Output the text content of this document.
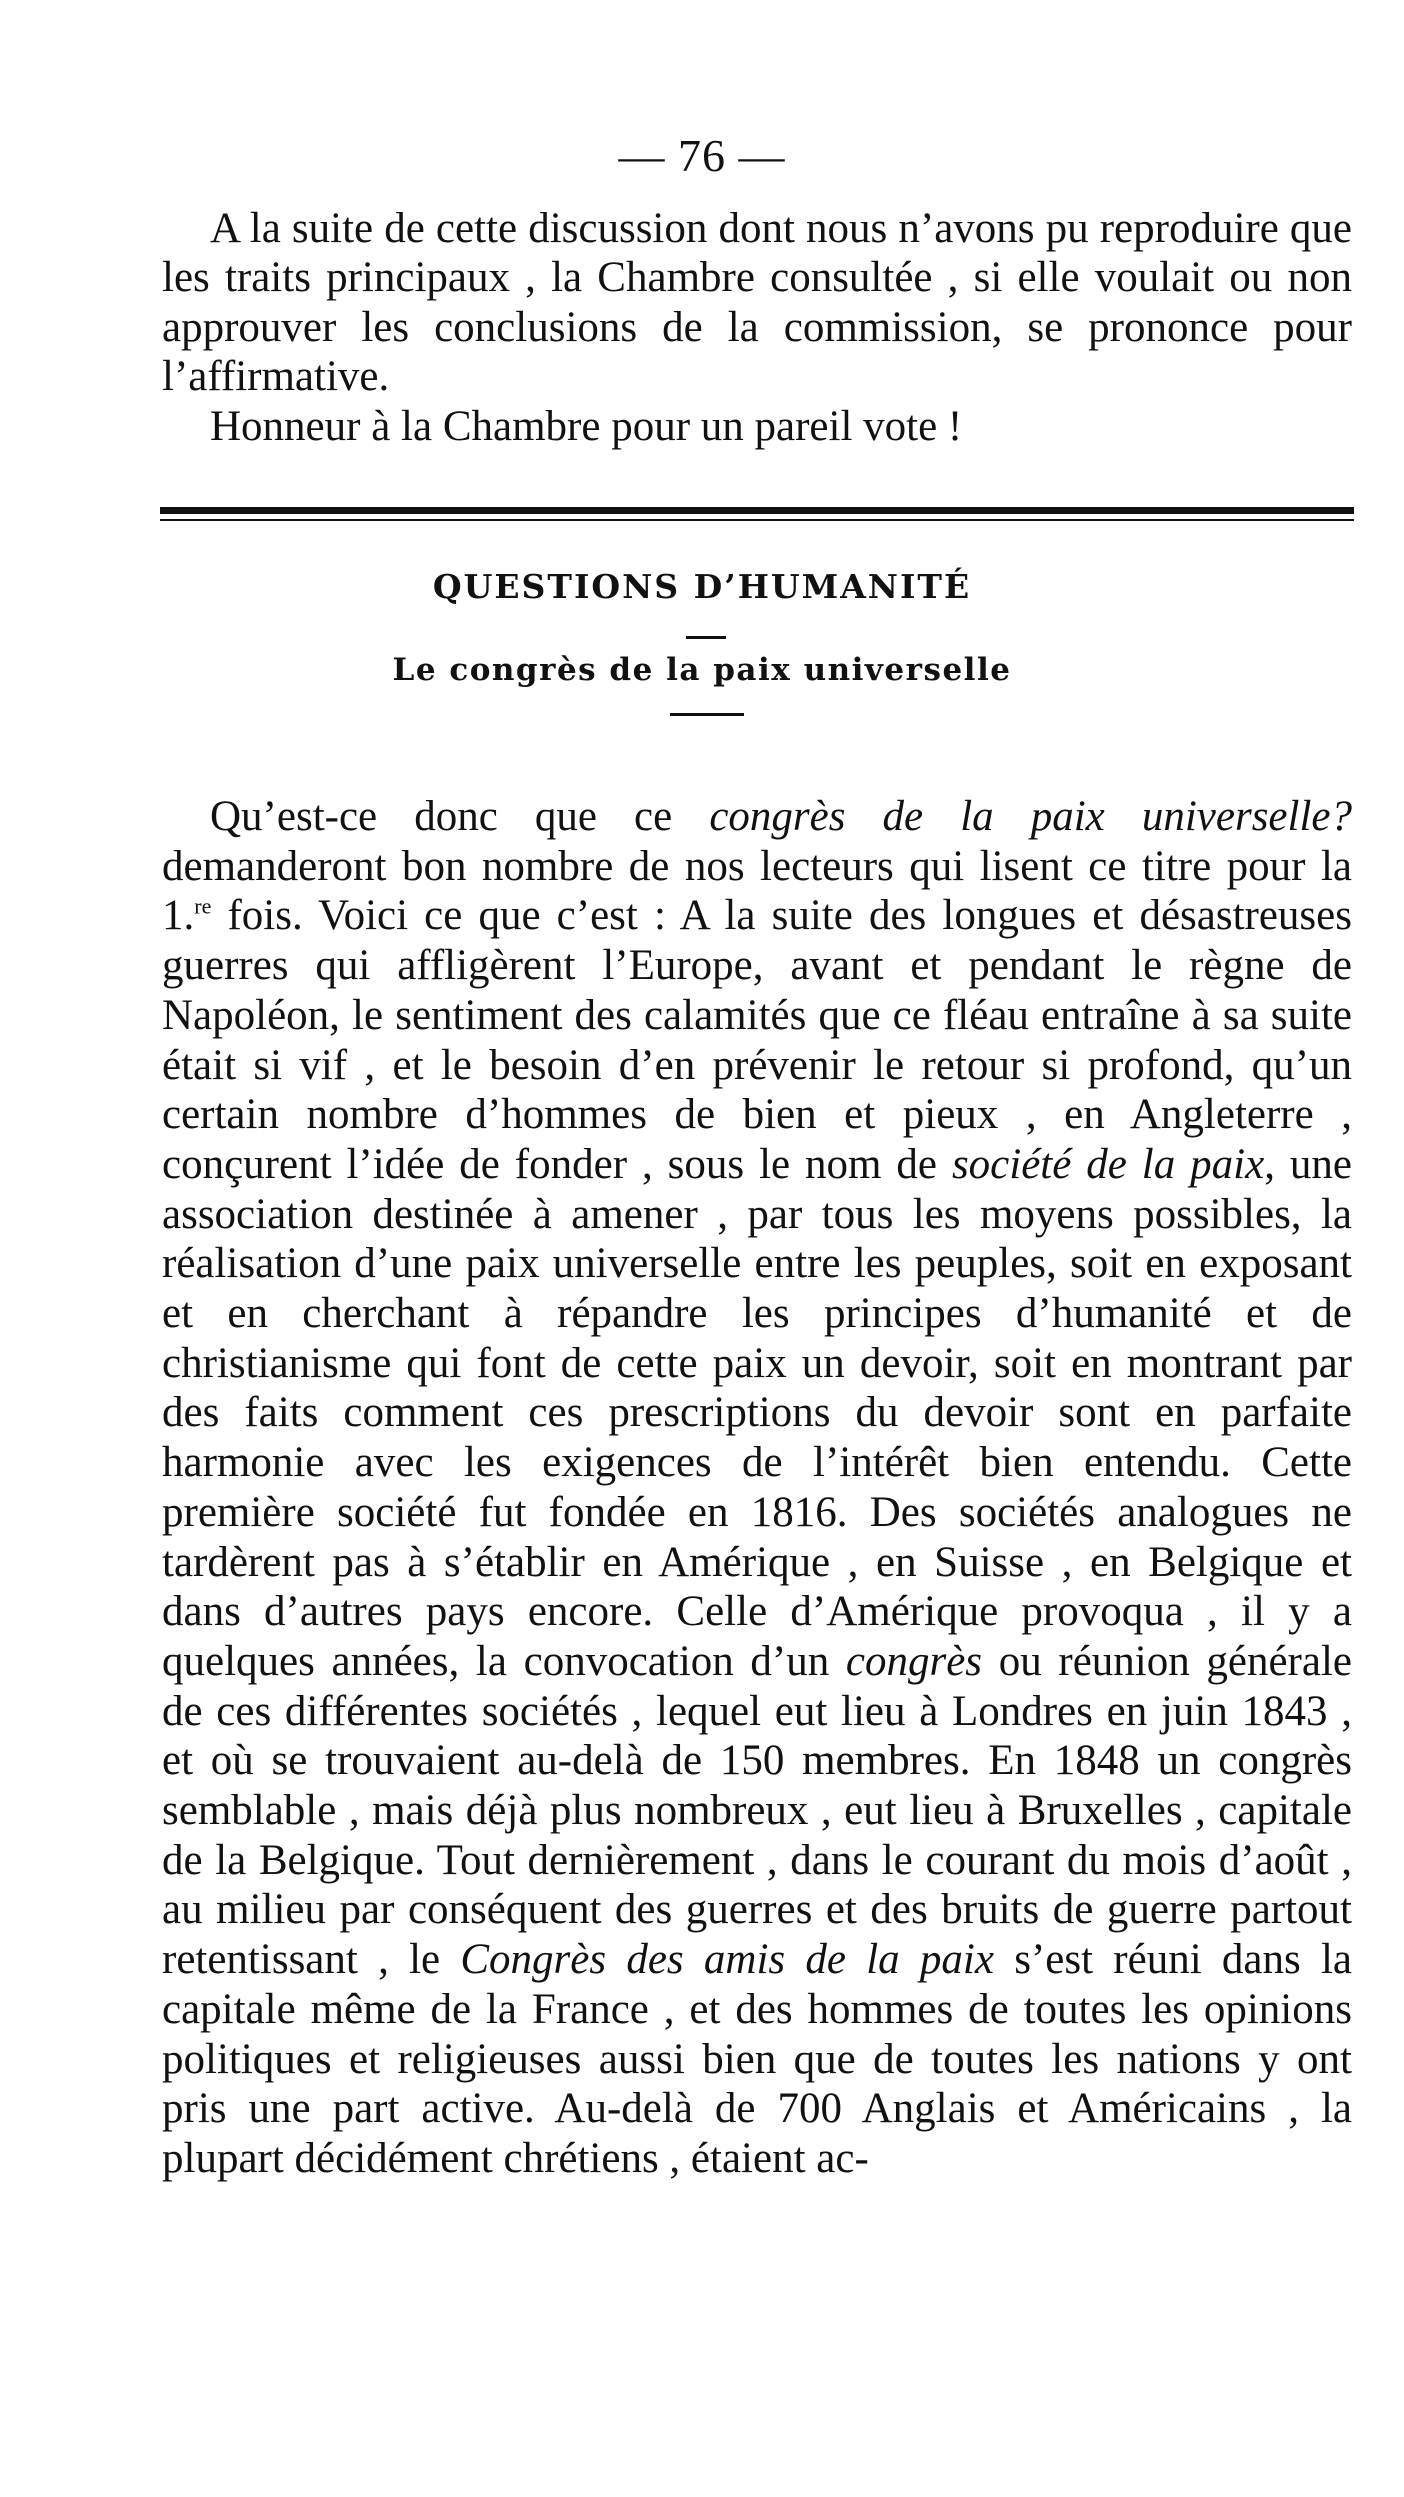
— 76 —

A la suite de cette discussion dont nous n’avons pu reproduire que les traits principaux , la Chambre consultée , si elle voulait ou non approuver les conclusions de la commission, se prononce pour l’affirmative.

Honneur à la Chambre pour un pareil vote !

QUESTIONS D’HUMANITÉ
Le congrès de la paix universelle

Qu’est-ce donc que ce congrès de la paix universelle? demanderont bon nombre de nos lecteurs qui lisent ce titre pour la 1.$^{re}$ fois. Voici ce que c’est : A la suite des longues et désastreuses guerres qui affligèrent l’Europe, avant et pendant le règne de Napoléon, le sentiment des calamités que ce fléau entraîne à sa suite était si vif , et le besoin d’en prévenir le retour si profond, qu’un certain nombre d’hommes de bien et pieux , en Angleterre , conçurent l’idée de fonder , sous le nom de société de la paix, une association destinée à amener , par tous les moyens possibles, la réalisation d’une paix universelle entre les peuples, soit en exposant et en cherchant à répandre les principes d’humanité et de christianisme qui font de cette paix un devoir, soit en montrant par des faits comment ces prescriptions du devoir sont en parfaite harmonie avec les exigences de l’intérêt bien entendu. Cette première société fut fondée en 1816. Des sociétés analogues ne tardèrent pas à s’établir en Amérique , en Suisse , en Belgique et dans d’autres pays encore. Celle d’Amérique provoqua , il y a quelques années, la convocation d’un congrès ou réunion générale de ces différentes sociétés , lequel eut lieu à Londres en juin 1843 , et où se trouvaient au-delà de 150 membres. En 1848 un congrès semblable , mais déjà plus nombreux , eut lieu à Bruxelles , capitale de la Belgique. Tout dernièrement , dans le courant du mois d’août , au milieu par conséquent des guerres et des bruits de guerre partout retentissant , le Congrès des amis de la paix s’est réuni dans la capitale même de la France , et des hommes de toutes les opinions politiques et religieuses aussi bien que de toutes les nations y ont pris une part active. Au-delà de 700 Anglais et Américains , la plupart décidément chrétiens , étaient ac-
